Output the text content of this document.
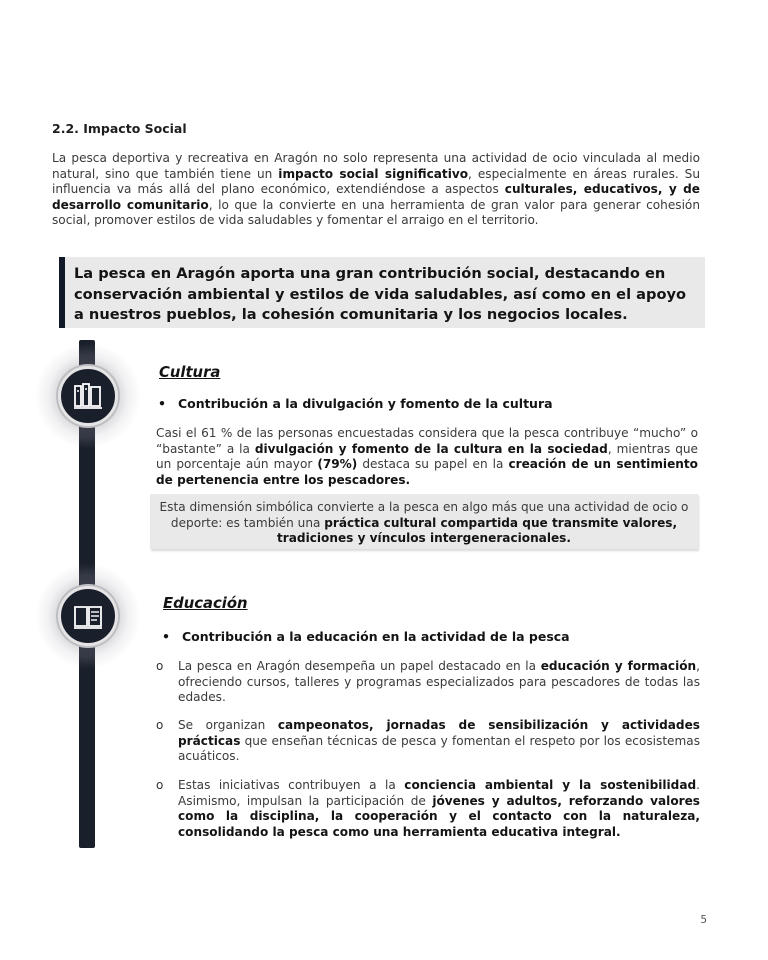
2.2. Impacto Social

La pesca deportiva y recreativa en Aragón no solo representa una actividad de ocio vinculada al medio natural, sino que también tiene un impacto social significativo, especialmente en áreas rurales. Su influencia va más allá del plano económico, extendiéndose a aspectos culturales, educativos, y de desarrollo comunitario, lo que la convierte en una herramienta de gran valor para generar cohesión social, promover estilos de vida saludables y fomentar el arraigo en el territorio.

La pesca en Aragón aporta una gran contribución social, destacando en conservación ambiental y estilos de vida saludables, así como en el apoyo a nuestros pueblos, la cohesión comunitaria y los negocios locales.

Cultura
• Contribución a la divulgación y fomento de la cultura

Casi el 61 % de las personas encuestadas considera que la pesca contribuye “mucho” o “bastante” a la divulgación y fomento de la cultura en la sociedad, mientras que un porcentaje aún mayor (79%) destaca su papel en la creación de un sentimiento de pertenencia entre los pescadores.

Esta dimensión simbólica convierte a la pesca en algo más que una actividad de ocio o deporte: es también una práctica cultural compartida que transmite valores, tradiciones y vínculos intergeneracionales.

Educación
• Contribución a la educación en la actividad de la pesca

o La pesca en Aragón desempeña un papel destacado en la educación y formación, ofreciendo cursos, talleres y programas especializados para pescadores de todas las edades.

o Se organizan campeonatos, jornadas de sensibilización y actividades prácticas que enseñan técnicas de pesca y fomentan el respeto por los ecosistemas acuáticos.

o Estas iniciativas contribuyen a la conciencia ambiental y la sostenibilidad. Asimismo, impulsan la participación de jóvenes y adultos, reforzando valores como la disciplina, la cooperación y el contacto con la naturaleza, consolidando la pesca como una herramienta educativa integral.

5
